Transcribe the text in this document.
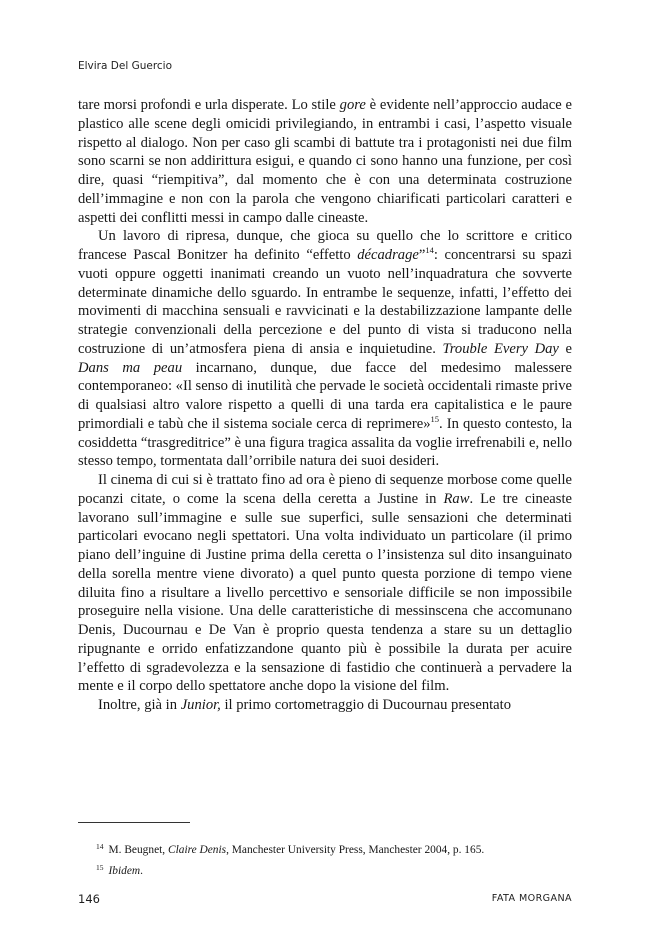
Elvira Del Guercio

tare morsi profondi e urla disperate. Lo stile gore è evidente nell’approccio audace e plastico alle scene degli omicidi privilegiando, in entrambi i casi, l’aspetto visuale rispetto al dialogo. Non per caso gli scambi di battute tra i protagonisti nei due film sono scarni se non addirittura esigui, e quando ci sono hanno una funzione, per così dire, quasi “riempitiva”, dal momento che è con una determinata costruzione dell’immagine e non con la parola che vengono chiarificati particolari caratteri e aspetti dei conflitti messi in campo dalle cineaste.

Un lavoro di ripresa, dunque, che gioca su quello che lo scrittore e critico francese Pascal Bonitzer ha definito “effetto décadrage”$^{14}$: concentrarsi su spazi vuoti oppure oggetti inanimati creando un vuoto nell’inquadratura che sovverte determinate dinamiche dello sguardo. In entrambe le sequenze, infatti, l’effetto dei movimenti di macchina sensuali e ravvicinati e la destabilizzazione lampante delle strategie convenzionali della percezione e del punto di vista si traducono nella costruzione di un’atmosfera piena di ansia e inquietudine. Trouble Every Day e Dans ma peau incarnano, dunque, due facce del medesimo malessere contemporaneo: «Il senso di inutilità che pervade le società occidentali rimaste prive di qualsiasi altro valore rispetto a quelli di una tarda era capitalistica e le paure primordiali e tabù che il sistema sociale cerca di reprimere»$^{15}$. In questo contesto, la cosiddetta “trasgreditrice” è una figura tragica assalita da voglie irrefrenabili e, nello stesso tempo, tormentata dall’orribile natura dei suoi desideri.

Il cinema di cui si è trattato fino ad ora è pieno di sequenze morbose come quelle pocanzi citate, o come la scena della ceretta a Justine in Raw. Le tre cineaste lavorano sull’immagine e sulle sue superfici, sulle sensazioni che determinati particolari evocano negli spettatori. Una volta individuato un particolare (il primo piano dell’inguine di Justine prima della ceretta o l’insistenza sul dito insanguinato della sorella mentre viene divorato) a quel punto questa porzione di tempo viene diluita fino a risultare a livello percettivo e sensoriale difficile se non impossibile proseguire nella visione. Una delle caratteristiche di messinscena che accomunano Denis, Ducournau e De Van è proprio questa tendenza a stare su un dettaglio ripugnante e orrido enfatizzandone quanto più è possibile la durata per acuire l’effetto di sgradevolezza e la sensazione di fastidio che continuerà a pervadere la mente e il corpo dello spettatore anche dopo la visione del film.

Inoltre, già in Junior, il primo cortometraggio di Ducournau presentato

$^{14}$ M. Beugnet, Claire Denis, Manchester University Press, Manchester 2004, p. 165.

$^{15}$ Ibidem.

146	FATA MORGANA
